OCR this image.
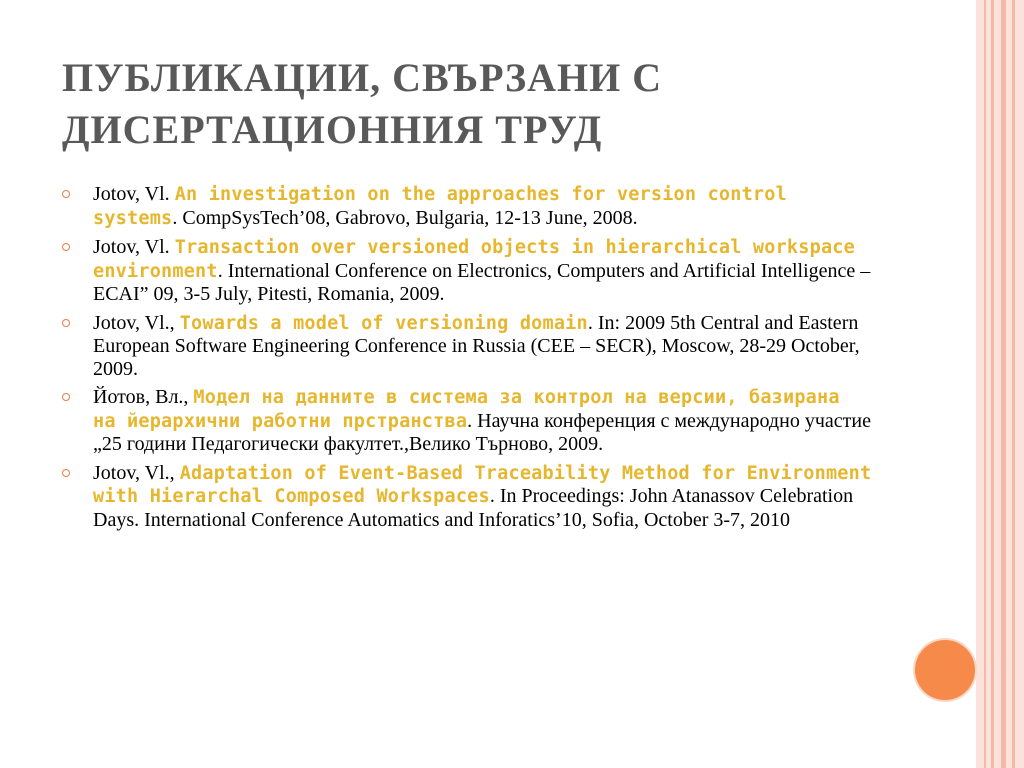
ПУБЛИКАЦИИ, СВЪРЗАНИ С
ДИСЕРТАЦИОННИЯ ТРУД
Jotov, Vl. An investigation on the approaches for version control systems. CompSysTech’08, Gabrovo, Bulgaria, 12-13 June, 2008.
Jotov, Vl. Transaction over versioned objects in hierarchical workspace environment. International Conference on Electronics, Computers and Artificial Intelligence – ECAI” 09, 3-5 July, Pitesti, Romania, 2009.
Jotov, Vl., Towards a model of versioning domain. In: 2009 5th Central and Eastern European Software Engineering Conference in Russia (CEE – SECR), Moscow, 28-29 October, 2009.
Йотов, Вл., Модел на данните в система за контрол на версии, базирана на йерархични работни прстранства. Научна конференция с международно участие „25 години Педагогически факултет.,Велико Търново, 2009.
Jotov, Vl., Adaptation of Event-Based Traceability Method for Environment with Hierarchal Composed Workspaces. In Proceedings: John Atanassov Celebration Days. International Conference Automatics and Inforatics’10, Sofia, October 3-7, 2010
